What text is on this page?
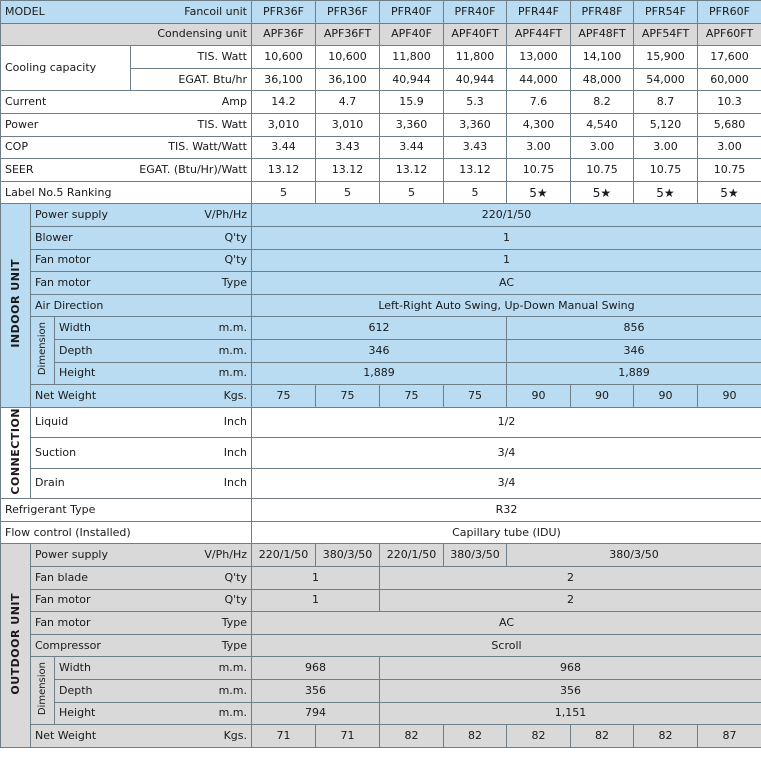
MODEL Fancoil unit				PFR36F	PFR36F	PFR40F	PFR40F	PFR44F	PFR48F	PFR54F	PFR60F
Condensing unit				APF36F	APF36FT	APF40F	APF40FT	APF44FT	APF48FT	APF54FT	APF60FT
Cooling capacity			TIS. Watt	10,600	10,600	11,800	11,800	13,000	14,100	15,900	17,600
			EGAT. Btu/hr	36,100	36,100	40,944	40,944	44,000	48,000	54,000	60,000
Current Amp				14.2	4.7	15.9	5.3	7.6	8.2	8.7	10.3
Power TIS. Watt				3,010	3,010	3,360	3,360	4,300	4,540	5,120	5,680
COP TIS. Watt/Watt				3.44	3.43	3.44	3.43	3.00	3.00	3.00	3.00
SEER EGAT. (Btu/Hr)/Watt				13.12	13.12	13.12	13.12	10.75	10.75	10.75	10.75
Label No.5 Ranking				5	5	5	5	5★	5★	5★	5★
INDOOR UNIT	Power supply V/Ph/Hz			220/1/50							
	Blower Q'ty			1							
	Fan motor Q'ty			1							
	Fan motor Type			AC							
	Air Direction			Left-Right Auto Swing, Up-Down Manual Swing							
	Dimension	Width m.m.		612				856			
		Depth m.m.		346				346			
		Height m.m.		1,889				1,889			
	Net Weight Kgs.			75	75	75	75	90	90	90	90
CONNECTION	Liquid Inch			1/2							
	Suction Inch			3/4							
	Drain Inch			3/4							
Refrigerant Type				R32							
Flow control (Installed)				Capillary tube (IDU)							
OUTDOOR UNIT	Power supply V/Ph/Hz			220/1/50	380/3/50	220/1/50	380/3/50	380/3/50			
	Fan blade Q'ty			1		2					
	Fan motor Q'ty			1		2					
	Fan motor Type			AC							
	Compressor Type			Scroll							
	Dimension	Width m.m.		968		968					
		Depth m.m.		356		356					
		Height m.m.		794		1,151					
	Net Weight Kgs.			71	71	82	82	82	82	82	87
